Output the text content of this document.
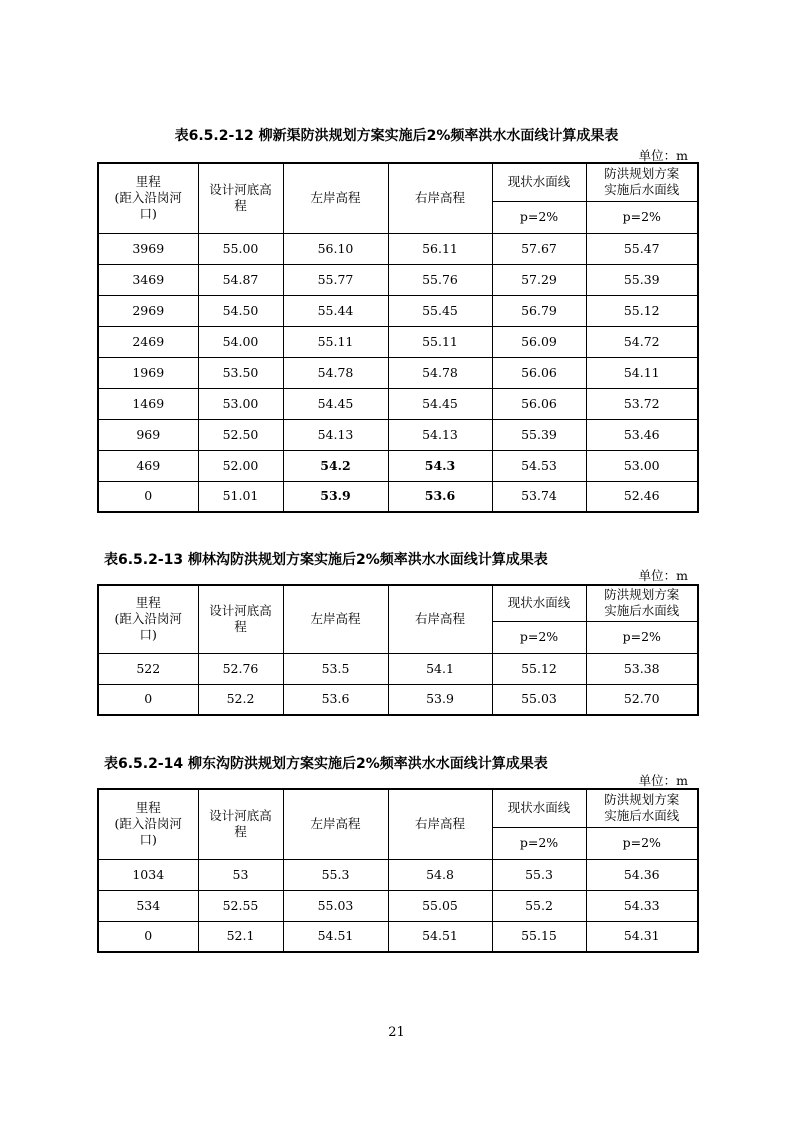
表6.5.2-12 柳新渠防洪规划方案实施后2%频率洪水水面线计算成果表
单位：m
里程
(距入沿岗河
口)	设计河底高
程	左岸高程	右岸高程	现状水面线	防洪规划方案
实施后水面线
				p=2%	p=2%
3969	55.00	56.10	56.11	57.67	55.47
3469	54.87	55.77	55.76	57.29	55.39
2969	54.50	55.44	55.45	56.79	55.12
2469	54.00	55.11	55.11	56.09	54.72
1969	53.50	54.78	54.78	56.06	54.11
1469	53.00	54.45	54.45	56.06	53.72
969	52.50	54.13	54.13	55.39	53.46
469	52.00	54.2	54.3	54.53	53.00
0	51.01	53.9	53.6	53.74	52.46
表6.5.2-13 柳林沟防洪规划方案实施后2%频率洪水水面线计算成果表
单位：m
里程
(距入沿岗河
口)	设计河底高
程	左岸高程	右岸高程	现状水面线	防洪规划方案
实施后水面线
				p=2%	p=2%
522	52.76	53.5	54.1	55.12	53.38
0	52.2	53.6	53.9	55.03	52.70
表6.5.2-14 柳东沟防洪规划方案实施后2%频率洪水水面线计算成果表
单位：m
里程
(距入沿岗河
口)	设计河底高
程	左岸高程	右岸高程	现状水面线	防洪规划方案
实施后水面线
				p=2%	p=2%
1034	53	55.3	54.8	55.3	54.36
534	52.55	55.03	55.05	55.2	54.33
0	52.1	54.51	54.51	55.15	54.31
21
